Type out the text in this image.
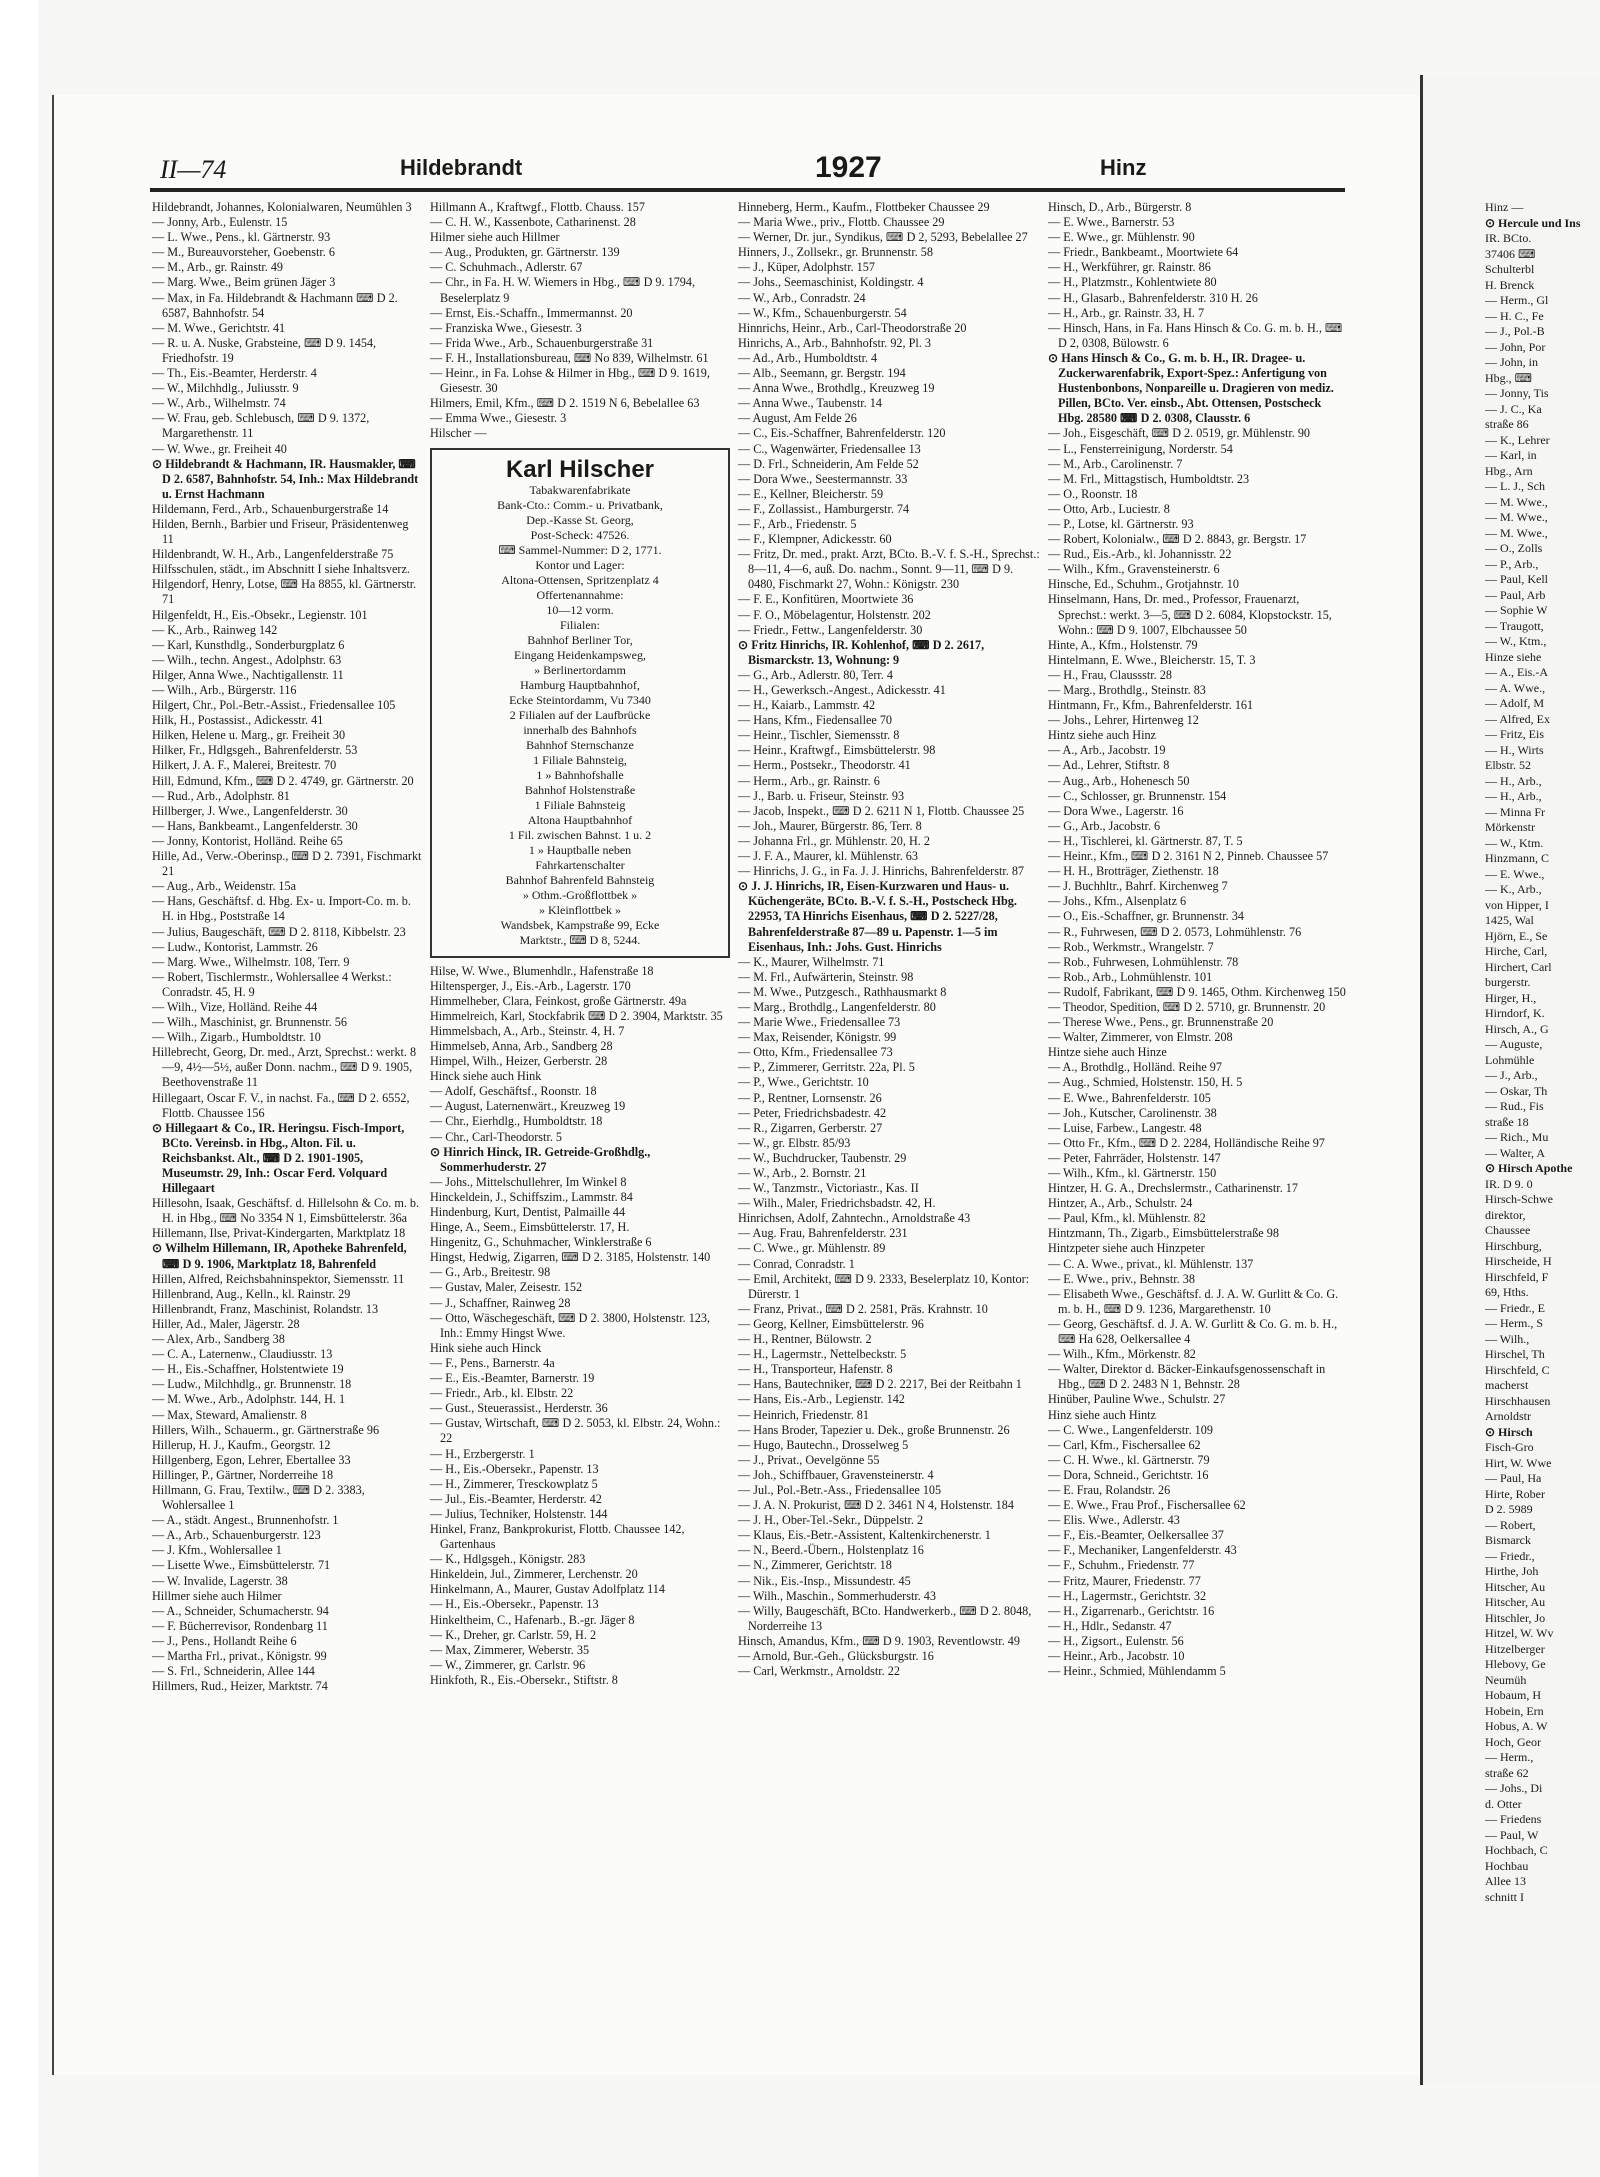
II—74	Hildebrandt	1927	Hinz

Hildebrandt, Johannes, Kolonialwaren, Neumühlen 3

— Jonny, Arb., Eulenstr. 15

— L. Wwe., Pens., kl. Gärtnerstr. 93

— M., Bureauvorsteher, Goebenstr. 6

— M., Arb., gr. Rainstr. 49

— Marg. Wwe., Beim grünen Jäger 3

— Max, in Fa. Hildebrandt & Hachmann ⌨ D 2. 6587, Bahnhofstr. 54

— M. Wwe., Gerichtstr. 41

— R. u. A. Nuske, Grabsteine, ⌨ D 9. 1454, Friedhofstr. 19

— Th., Eis.-Beamter, Herderstr. 4

— W., Milchhdlg., Juliusstr. 9

— W., Arb., Wilhelmstr. 74

— W. Frau, geb. Schlebusch, ⌨ D 9. 1372, Margarethenstr. 11

— W. Wwe., gr. Freiheit 40

⊙ Hildebrandt & Hachmann, IR. Hausmakler, ⌨ D 2. 6587, Bahnhofstr. 54, Inh.: Max Hildebrandt u. Ernst Hachmann

Hildemann, Ferd., Arb., Schauenburgerstraße 14

Hilden, Bernh., Barbier und Friseur, Präsidentenweg 11

Hildenbrandt, W. H., Arb., Langenfelderstraße 75

Hilfsschulen, städt., im Abschnitt I siehe Inhaltsverz.

Hilgendorf, Henry, Lotse, ⌨ Ha 8855, kl. Gärtnerstr. 71

Hilgenfeldt, H., Eis.-Obsekr., Legienstr. 101

— K., Arb., Rainweg 142

— Karl, Kunsthdlg., Sonderburgplatz 6

— Wilh., techn. Angest., Adolphstr. 63

Hilger, Anna Wwe., Nachtigallenstr. 11

— Wilh., Arb., Bürgerstr. 116

Hilgert, Chr., Pol.-Betr.-Assist., Friedensallee 105

Hilk, H., Postassist., Adickesstr. 41

Hilken, Helene u. Marg., gr. Freiheit 30

Hilker, Fr., Hdlgsgeh., Bahrenfelderstr. 53

Hilkert, J. A. F., Malerei, Breitestr. 70

Hill, Edmund, Kfm., ⌨ D 2. 4749, gr. Gärtnerstr. 20

— Rud., Arb., Adolphstr. 81

Hillberger, J. Wwe., Langenfelderstr. 30

— Hans, Bankbeamt., Langenfelderstr. 30

— Jonny, Kontorist, Holländ. Reihe 65

Hille, Ad., Verw.-Oberinsp., ⌨ D 2. 7391, Fischmarkt 21

— Aug., Arb., Weidenstr. 15a

— Hans, Geschäftsf. d. Hbg. Ex- u. Import-Co. m. b. H. in Hbg., Poststraße 14

— Julius, Baugeschäft, ⌨ D 2. 8118, Kibbelstr. 23

— Ludw., Kontorist, Lammstr. 26

— Marg. Wwe., Wilhelmstr. 108, Terr. 9

— Robert, Tischlermstr., Wohlersallee 4 Werkst.: Conradstr. 45, H. 9

— Wilh., Vize, Holländ. Reihe 44

— Wilh., Maschinist, gr. Brunnenstr. 56

— Wilh., Zigarb., Humboldtstr. 10

Hillebrecht, Georg, Dr. med., Arzt, Sprechst.: werkt. 8—9, 4½—5½, außer Donn. nachm., ⌨ D 9. 1905, Beethovenstraße 11

Hillegaart, Oscar F. V., in nachst. Fa., ⌨ D 2. 6552, Flottb. Chaussee 156

⊙ Hillegaart & Co., IR. Heringsu. Fisch-Import, BCto. Vereinsb. in Hbg., Alton. Fil. u. Reichsbankst. Alt., ⌨ D 2. 1901-1905, Museumstr. 29, Inh.: Oscar Ferd. Volquard Hillegaart

Hillesohn, Isaak, Geschäftsf. d. Hillelsohn & Co. m. b. H. in Hbg., ⌨ No 3354 N 1, Eimsbüttelerstr. 36a

Hillemann, Ilse, Privat-Kindergarten, Marktplatz 18

⊙ Wilhelm Hillemann, IR, Apotheke Bahrenfeld, ⌨ D 9. 1906, Marktplatz 18, Bahrenfeld

Hillen, Alfred, Reichsbahninspektor, Siemensstr. 11

Hillenbrand, Aug., Kelln., kl. Rainstr. 29

Hillenbrandt, Franz, Maschinist, Rolandstr. 13

Hiller, Ad., Maler, Jägerstr. 28

— Alex, Arb., Sandberg 38

— C. A., Laternenw., Claudiusstr. 13

— H., Eis.-Schaffner, Holstentwiete 19

— Ludw., Milchhdlg., gr. Brunnenstr. 18

— M. Wwe., Arb., Adolphstr. 144, H. 1

— Max, Steward, Amalienstr. 8

Hillers, Wilh., Schauerm., gr. Gärtnerstraße 96

Hillerup, H. J., Kaufm., Georgstr. 12

Hillgenberg, Egon, Lehrer, Ebertallee 33

Hillinger, P., Gärtner, Norderreihe 18

Hillmann, G. Frau, Textilw., ⌨ D 2. 3383, Wohlersallee 1

— A., städt. Angest., Brunnenhofstr. 1

— A., Arb., Schauenburgerstr. 123

— J. Kfm., Wohlersallee 1

— Lisette Wwe., Eimsbüttelerstr. 71

— W. Invalide, Lagerstr. 38

Hillmer siehe auch Hilmer

— A., Schneider, Schumacherstr. 94

— F. Bücherrevisor, Rondenbarg 11

— J., Pens., Hollandt Reihe 6

— Martha Frl., privat., Königstr. 99

— S. Frl., Schneiderin, Allee 144

Hillmers, Rud., Heizer, Marktstr. 74

Hillmann A., Kraftwgf., Flottb. Chauss. 157

— C. H. W., Kassenbote, Catharinenst. 28

Hilmer siehe auch Hillmer

— Aug., Produkten, gr. Gärtnerstr. 139

— C. Schuhmach., Adlerstr. 67

— Chr., in Fa. H. W. Wiemers in Hbg., ⌨ D 9. 1794, Beselerplatz 9

— Ernst, Eis.-Schaffn., Immermannst. 20

— Franziska Wwe., Giesestr. 3

— Frida Wwe., Arb., Schauenburgerstraße 31

— F. H., Installationsbureau, ⌨ No 839, Wilhelmstr. 61

— Heinr., in Fa. Lohse & Hilmer in Hbg., ⌨ D 9. 1619, Giesestr. 30

Hilmers, Emil, Kfm., ⌨ D 2. 1519 N 6, Bebelallee 63

— Emma Wwe., Giesestr. 3

Hilscher —

Karl Hilscher
Tabakwarenfabrikate
Bank-Cto.: Comm.- u. Privatbank,
Dep.-Kasse St. Georg,
Post-Scheck: 47526.
⌨ Sammel-Nummer: D 2, 1771.
Kontor und Lager:
Altona-Ottensen, Spritzenplatz 4
Offertenannahme:
10—12 vorm.
Filialen:
Bahnhof Berliner Tor,
Eingang Heidenkampsweg,
» Berlinertordamm
Hamburg Hauptbahnhof,
Ecke Steintordamm, Vu 7340
2 Filialen auf der Laufbrücke
innerhalb des Bahnhofs
Bahnhof Sternschanze
1 Filiale Bahnsteig,
1 » Bahnhofshalle
Bahnhof Holstenstraße
1 Filiale Bahnsteig
Altona Hauptbahnhof
1 Fil. zwischen Bahnst. 1 u. 2
1 » Hauptballe neben
Fahrkartenschalter
Bahnhof Bahrenfeld Bahnsteig
» Othm.-Großflottbek »
» Kleinflottbek »
Wandsbek, Kampstraße 99, Ecke
Marktstr., ⌨ D 8, 5244.

Hilse, W. Wwe., Blumenhdlr., Hafenstraße 18

Hiltensperger, J., Eis.-Arb., Lagerstr. 170

Himmelheber, Clara, Feinkost, große Gärtnerstr. 49a

Himmelreich, Karl, Stockfabrik ⌨ D 2. 3904, Marktstr. 35

Himmelsbach, A., Arb., Steinstr. 4, H. 7

Himmelseb, Anna, Arb., Sandberg 28

Himpel, Wilh., Heizer, Gerberstr. 28

Hinck siehe auch Hink

— Adolf, Geschäftsf., Roonstr. 18

— August, Laternenwärt., Kreuzweg 19

— Chr., Eierhdlg., Humboldtstr. 18

— Chr., Carl-Theodorstr. 5

⊙ Hinrich Hinck, IR. Getreide-Großhdlg., Sommerhuderstr. 27

— Johs., Mittelschullehrer, Im Winkel 8

Hinckeldein, J., Schiffszim., Lammstr. 84

Hindenburg, Kurt, Dentist, Palmaille 44

Hinge, A., Seem., Eimsbüttelerstr. 17, H.

Hingenitz, G., Schuhmacher, Winklerstraße 6

Hingst, Hedwig, Zigarren, ⌨ D 2. 3185, Holstenstr. 140

— G., Arb., Breitestr. 98

— Gustav, Maler, Zeisestr. 152

— J., Schaffner, Rainweg 28

— Otto, Wäschegeschäft, ⌨ D 2. 3800, Holstenstr. 123, Inh.: Emmy Hingst Wwe.

Hink siehe auch Hinck

— F., Pens., Barnerstr. 4a

— E., Eis.-Beamter, Barnerstr. 19

— Friedr., Arb., kl. Elbstr. 22

— Gust., Steuerassist., Herderstr. 36

— Gustav, Wirtschaft, ⌨ D 2. 5053, kl. Elbstr. 24, Wohn.: 22

— H., Erzbergerstr. 1

— H., Eis.-Obersekr., Papenstr. 13

— H., Zimmerer, Tresckowplatz 5

— Jul., Eis.-Beamter, Herderstr. 42

— Julius, Techniker, Holstenstr. 144

Hinkel, Franz, Bankprokurist, Flottb. Chaussee 142, Gartenhaus

— K., Hdlgsgeh., Königstr. 283

Hinkeldein, Jul., Zimmerer, Lerchenstr. 20

Hinkelmann, A., Maurer, Gustav Adolfplatz 114

— H., Eis.-Obersekr., Papenstr. 13

Hinkeltheim, C., Hafenarb., B.-gr. Jäger 8

— K., Dreher, gr. Carlstr. 59, H. 2

— Max, Zimmerer, Weberstr. 35

— W., Zimmerer, gr. Carlstr. 96

Hinkfoth, R., Eis.-Obersekr., Stiftstr. 8

Hinneberg, Herm., Kaufm., Flottbeker Chaussee 29

— Maria Wwe., priv., Flottb. Chaussee 29

— Werner, Dr. jur., Syndikus, ⌨ D 2, 5293, Bebelallee 27

Hinners, J., Zollsekr., gr. Brunnenstr. 58

— J., Küper, Adolphstr. 157

— Johs., Seemaschinist, Koldingstr. 4

— W., Arb., Conradstr. 24

— W., Kfm., Schauenburgerstr. 54

Hinnrichs, Heinr., Arb., Carl-Theodorstraße 20

Hinrichs, A., Arb., Bahnhofstr. 92, Pl. 3

— Ad., Arb., Humboldtstr. 4

— Alb., Seemann, gr. Bergstr. 194

— Anna Wwe., Brothdlg., Kreuzweg 19

— Anna Wwe., Taubenstr. 14

— August, Am Felde 26

— C., Eis.-Schaffner, Bahrenfelderstr. 120

— C., Wagenwärter, Friedensallee 13

— D. Frl., Schneiderin, Am Felde 52

— Dora Wwe., Seestermannstr. 33

— E., Kellner, Bleicherstr. 59

— F., Zollassist., Hamburgerstr. 74

— F., Arb., Friedenstr. 5

— F., Klempner, Adickesstr. 60

— Fritz, Dr. med., prakt. Arzt, BCto. B.-V. f. S.-H., Sprechst.: 8—11, 4—6, auß. Do. nachm., Sonnt. 9—11, ⌨ D 9. 0480, Fischmarkt 27, Wohn.: Königstr. 230

— F. E., Konfitüren, Moortwiete 36

— F. O., Möbelagentur, Holstenstr. 202

— Friedr., Fettw., Langenfelderstr. 30

⊙ Fritz Hinrichs, IR. Kohlenhof, ⌨ D 2. 2617, Bismarckstr. 13, Wohnung: 9

— G., Arb., Adlerstr. 80, Terr. 4

— H., Gewerksch.-Angest., Adickesstr. 41

— H., Kaiarb., Lammstr. 42

— Hans, Kfm., Fiedensallee 70

— Heinr., Tischler, Siemensstr. 8

— Heinr., Kraftwgf., Eimsbüttelerstr. 98

— Herm., Postsekr., Theodorstr. 41

— Herm., Arb., gr. Rainstr. 6

— J., Barb. u. Friseur, Steinstr. 93

— Jacob, Inspekt., ⌨ D 2. 6211 N 1, Flottb. Chaussee 25

— Joh., Maurer, Bürgerstr. 86, Terr. 8

— Johanna Frl., gr. Mühlenstr. 20, H. 2

— J. F. A., Maurer, kl. Mühlenstr. 63

— Hinrichs, J. G., in Fa. J. J. Hinrichs, Bahrenfelderstr. 87

⊙ J. J. Hinrichs, IR, Eisen-Kurzwaren und Haus- u. Küchengeräte, BCto. B.-V. f. S.-H., Postscheck Hbg. 22953, TA Hinrichs Eisenhaus, ⌨ D 2. 5227/28, Bahrenfelderstraße 87—89 u. Papenstr. 1—5 im Eisenhaus, Inh.: Johs. Gust. Hinrichs

— K., Maurer, Wilhelmstr. 71

— M. Frl., Aufwärterin, Steinstr. 98

— M. Wwe., Putzgesch., Rathhausmarkt 8

— Marg., Brothdlg., Langenfelderstr. 80

— Marie Wwe., Friedensallee 73

— Max, Reisender, Königstr. 99

— Otto, Kfm., Friedensallee 73

— P., Zimmerer, Gerritstr. 22a, Pl. 5

— P., Wwe., Gerichtstr. 10

— P., Rentner, Lornsenstr. 26

— Peter, Friedrichsbadestr. 42

— R., Zigarren, Gerberstr. 27

— W., gr. Elbstr. 85/93

— W., Buchdrucker, Taubenstr. 29

— W., Arb., 2. Bornstr. 21

— W., Tanzmstr., Victoriastr., Kas. II

— Wilh., Maler, Friedrichsbadstr. 42, H.

Hinrichsen, Adolf, Zahntechn., Arnoldstraße 43

— Aug. Frau, Bahrenfelderstr. 231

— C. Wwe., gr. Mühlenstr. 89

— Conrad, Conradstr. 1

— Emil, Architekt, ⌨ D 9. 2333, Beselerplatz 10, Kontor: Dürerstr. 1

— Franz, Privat., ⌨ D 2. 2581, Präs. Krahnstr. 10

— Georg, Kellner, Eimsbüttelerstr. 96

— H., Rentner, Bülowstr. 2

— H., Lagermstr., Nettelbeckstr. 5

— H., Transporteur, Hafenstr. 8

— Hans, Bautechniker, ⌨ D 2. 2217, Bei der Reitbahn 1

— Hans, Eis.-Arb., Legienstr. 142

— Heinrich, Friedenstr. 81

— Hans Broder, Tapezier u. Dek., große Brunnenstr. 26

— Hugo, Bautechn., Drosselweg 5

— J., Privat., Oevelgönne 55

— Joh., Schiffbauer, Gravensteinerstr. 4

— Jul., Pol.-Betr.-Ass., Friedensallee 105

— J. A. N. Prokurist, ⌨ D 2. 3461 N 4, Holstenstr. 184

— J. H., Ober-Tel.-Sekr., Düppelstr. 2

— Klaus, Eis.-Betr.-Assistent, Kaltenkirchenerstr. 1

— N., Beerd.-Übern., Holstenplatz 16

— N., Zimmerer, Gerichtstr. 18

— Nik., Eis.-Insp., Missundestr. 45

— Wilh., Maschin., Sommerhuderstr. 43

— Willy, Baugeschäft, BCto. Handwerkerb., ⌨ D 2. 8048, Norderreihe 13

Hinsch, Amandus, Kfm., ⌨ D 9. 1903, Reventlowstr. 49

— Arnold, Bur.-Geh., Glücksburgstr. 16

— Carl, Werkmstr., Arnoldstr. 22

Hinsch, D., Arb., Bürgerstr. 8

— E. Wwe., Barnerstr. 53

— E. Wwe., gr. Mühlenstr. 90

— Friedr., Bankbeamt., Moortwiete 64

— H., Werkführer, gr. Rainstr. 86

— H., Platzmstr., Kohlentwiete 80

— H., Glasarb., Bahrenfelderstr. 310 H. 26

— H., Arb., gr. Rainstr. 33, H. 7

— Hinsch, Hans, in Fa. Hans Hinsch & Co. G. m. b. H., ⌨ D 2, 0308, Bülowstr. 6

⊙ Hans Hinsch & Co., G. m. b. H., IR. Dragee- u. Zuckerwarenfabrik, Export-Spez.: Anfertigung von Hustenbonbons, Nonpareille u. Dragieren von mediz. Pillen, BCto. Ver. einsb., Abt. Ottensen, Postscheck Hbg. 28580 ⌨ D 2. 0308, Clausstr. 6

— Joh., Eisgeschäft, ⌨ D 2. 0519, gr. Mühlenstr. 90

— L., Fensterreinigung, Norderstr. 54

— M., Arb., Carolinenstr. 7

— M. Frl., Mittagstisch, Humboldtstr. 23

— O., Roonstr. 18

— Otto, Arb., Luciestr. 8

— P., Lotse, kl. Gärtnerstr. 93

— Robert, Kolonialw., ⌨ D 2. 8843, gr. Bergstr. 17

— Rud., Eis.-Arb., kl. Johannisstr. 22

— Wilh., Kfm., Gravensteinerstr. 6

Hinsche, Ed., Schuhm., Grotjahnstr. 10

Hinselmann, Hans, Dr. med., Professor, Frauenarzt, Sprechst.: werkt. 3—5, ⌨ D 2. 6084, Klopstockstr. 15, Wohn.: ⌨ D 9. 1007, Elbchaussee 50

Hinte, A., Kfm., Holstenstr. 79

Hintelmann, E. Wwe., Bleicherstr. 15, T. 3

— H., Frau, Claussstr. 28

— Marg., Brothdlg., Steinstr. 83

Hintmann, Fr., Kfm., Bahrenfelderstr. 161

— Johs., Lehrer, Hirtenweg 12

Hintz siehe auch Hinz

— A., Arb., Jacobstr. 19

— Ad., Lehrer, Stiftstr. 8

— Aug., Arb., Hohenesch 50

— C., Schlosser, gr. Brunnenstr. 154

— Dora Wwe., Lagerstr. 16

— G., Arb., Jacobstr. 6

— H., Tischlerei, kl. Gärtnerstr. 87, T. 5

— Heinr., Kfm., ⌨ D 2. 3161 N 2, Pinneb. Chaussee 57

— H. H., Brotträger, Ziethenstr. 18

— J. Buchhltr., Bahrf. Kirchenweg 7

— Johs., Kfm., Alsenplatz 6

— O., Eis.-Schaffner, gr. Brunnenstr. 34

— R., Fuhrwesen, ⌨ D 2. 0573, Lohmühlenstr. 76

— Rob., Werkmstr., Wrangelstr. 7

— Rob., Fuhrwesen, Lohmühlenstr. 78

— Rob., Arb., Lohmühlenstr. 101

— Rudolf, Fabrikant, ⌨ D 9. 1465, Othm. Kirchenweg 150

— Theodor, Spedition, ⌨ D 2. 5710, gr. Brunnenstr. 20

— Therese Wwe., Pens., gr. Brunnenstraße 20

— Walter, Zimmerer, von Elmstr. 208

Hintze siehe auch Hinze

— A., Brothdlg., Holländ. Reihe 97

— Aug., Schmied, Holstenstr. 150, H. 5

— E. Wwe., Bahrenfelderstr. 105

— Joh., Kutscher, Carolinenstr. 38

— Luise, Farbew., Langestr. 48

— Otto Fr., Kfm., ⌨ D 2. 2284, Holländische Reihe 97

— Peter, Fahrräder, Holstenstr. 147

— Wilh., Kfm., kl. Gärtnerstr. 150

Hintzer, H. G. A., Drechslermstr., Catharinenstr. 17

Hintzer, A., Arb., Schulstr. 24

— Paul, Kfm., kl. Mühlenstr. 82

Hintzmann, Th., Zigarb., Eimsbüttelerstraße 98

Hintzpeter siehe auch Hinzpeter

— C. A. Wwe., privat., kl. Mühlenstr. 137

— E. Wwe., priv., Behnstr. 38

— Elisabeth Wwe., Geschäftsf. d. J. A. W. Gurlitt & Co. G. m. b. H., ⌨ D 9. 1236, Margarethenstr. 10

— Georg, Geschäftsf. d. J. A. W. Gurlitt & Co. G. m. b. H., ⌨ Ha 628, Oelkersallee 4

— Wilh., Kfm., Mörkenstr. 82

— Walter, Direktor d. Bäcker-Einkaufsgenossenschaft in Hbg., ⌨ D 2. 2483 N 1, Behnstr. 28

Hinüber, Pauline Wwe., Schulstr. 27

Hinz siehe auch Hintz

— C. Wwe., Langenfelderstr. 109

— Carl, Kfm., Fischersallee 62

— C. H. Wwe., kl. Gärtnerstr. 79

— Dora, Schneid., Gerichtstr. 16

— E. Frau, Rolandstr. 26

— E. Wwe., Frau Prof., Fischersallee 62

— Elis. Wwe., Adlerstr. 43

— F., Eis.-Beamter, Oelkersallee 37

— F., Mechaniker, Langenfelderstr. 43

— F., Schuhm., Friedenstr. 77

— Fritz, Maurer, Friedenstr. 77

— H., Lagermstr., Gerichtstr. 32

— H., Zigarrenarb., Gerichtstr. 16

— H., Hdlr., Sedanstr. 47

— H., Zigsort., Eulenstr. 56

— Heinr., Arb., Jacobstr. 10

— Heinr., Schmied, Mühlendamm 5

Hinz —

⊙ Hercule und Ins

IR. BCto.

37406 ⌨

Schulterbl

H. Brenck

— Herm., Gl

— H. C., Fe

— J., Pol.-B

— John, Por

— John, in

Hbg., ⌨

— Jonny, Tis

— J. C., Ka

straße 86

— K., Lehrer

— Karl, in

Hbg., Arn

— L. J., Sch

— M. Wwe.,

— M. Wwe.,

— M. Wwe.,

— O., Zolls

— P., Arb.,

— Paul, Kell

— Paul, Arb

— Sophie W

— Traugott,

— W., Ktm.,

Hinze siehe

— A., Eis.-A

— A. Wwe.,

— Adolf, M

— Alfred, Ex

— Fritz, Eis

— H., Wirts

Elbstr. 52

— H., Arb.,

— H., Arb.,

— Minna Fr

Mörkenstr

— W., Ktm.

Hinzmann, C

— E. Wwe.,

— K., Arb.,

von Hipper, I

1425, Wal

Hjörn, E., Se

Hirche, Carl,

Hirchert, Carl

burgerstr.

Hirger, H.,

Hirndorf, K.

Hirsch, A., G

— Auguste,

Lohmühle

— J., Arb.,

— Oskar, Th

— Rud., Fis

straße 18

— Rich., Mu

— Walter, A

⊙ Hirsch Apothe

IR. D 9. 0

Hirsch-Schwe

direktor,

Chaussee

Hirschburg,

Hirscheide, H

Hirschfeld, F

69, Hths.

— Friedr., E

— Herm., S

— Wilh.,

Hirschel, Th

Hirschfeld, C

macherst

Hirschhausen

Arnoldstr

⊙ Hirsch

Fisch-Gro

Hirt, W. Wwe

— Paul, Ha

Hirte, Rober

D 2. 5989

— Robert,

Bismarck

— Friedr.,

Hirthe, Joh

Hitscher, Au

Hitscher, Au

Hitschler, Jo

Hitzel, W. Wv

Hitzelberger

Hlebovy, Ge

Neumüh

Hobaum, H

Hobein, Ern

Hobus, A. W

Hoch, Geor

— Herm.,

straße 62

— Johs., Di

d. Otter

— Friedens

— Paul, W

Hochbach, C

Hochbau

Allee 13

schnitt I
